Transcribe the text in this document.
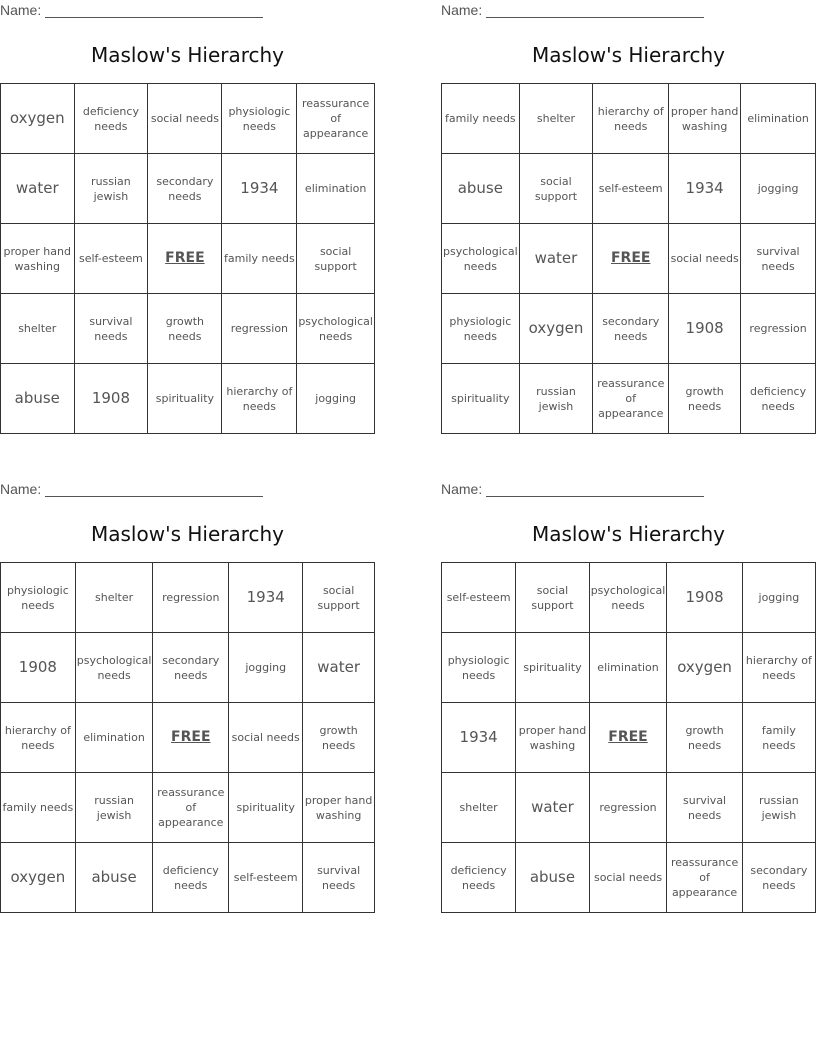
Name:
Maslow's Hierarchy
oxygen	deficiency needs	social needs	physiologic needs	reassurance of appearance
water	russian jewish	secondary needs	1934	elimination
proper hand washing	self-esteem	FREE	family needs	social support
shelter	survival needs	growth needs	regression	psychological needs
abuse	1908	spirituality	hierarchy of needs	jogging
Name:
Maslow's Hierarchy
family needs	shelter	hierarchy of needs	proper hand washing	elimination
abuse	social support	self-esteem	1934	jogging
psychological needs	water	FREE	social needs	survival needs
physiologic needs	oxygen	secondary needs	1908	regression
spirituality	russian jewish	reassurance of appearance	growth needs	deficiency needs
Name:
Maslow's Hierarchy
physiologic needs	shelter	regression	1934	social support
1908	psychological needs	secondary needs	jogging	water
hierarchy of needs	elimination	FREE	social needs	growth needs
family needs	russian jewish	reassurance of appearance	spirituality	proper hand washing
oxygen	abuse	deficiency needs	self-esteem	survival needs
Name:
Maslow's Hierarchy
self-esteem	social support	psychological needs	1908	jogging
physiologic needs	spirituality	elimination	oxygen	hierarchy of needs
1934	proper hand washing	FREE	growth needs	family needs
shelter	water	regression	survival needs	russian jewish
deficiency needs	abuse	social needs	reassurance of appearance	secondary needs
